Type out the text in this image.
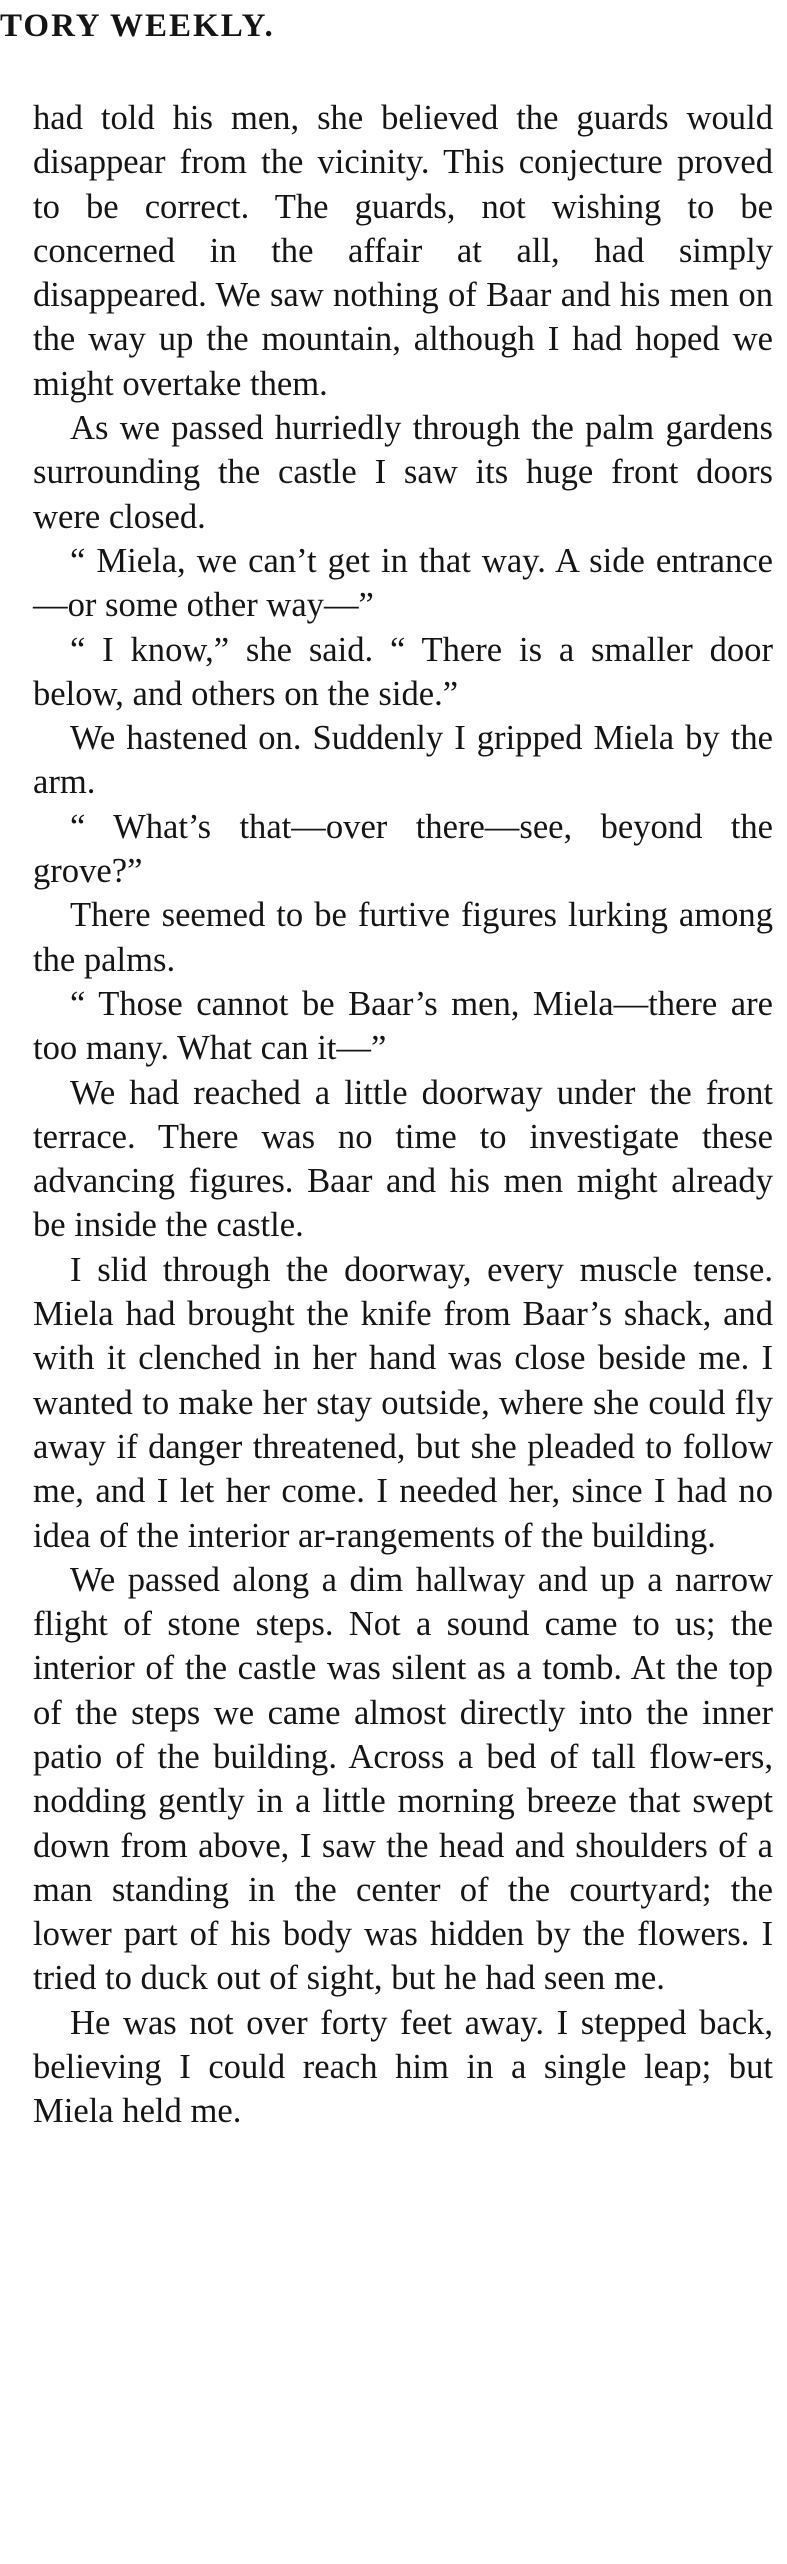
TORY WEEKLY.

had told his men, she believed the guards would disappear from the vicinity. This conjecture proved to be correct. The guards, not wishing to be concerned in the affair at all, had simply disappeared. We saw nothing of Baar and his men on the way up the mountain, although I had hoped we might overtake them.

As we passed hurriedly through the palm gardens surrounding the castle I saw its huge front doors were closed.

“ Miela, we can’t get in that way. A side entrance—or some other way—”

“ I know,” she said. “ There is a smaller door below, and others on the side.”

We hastened on. Suddenly I gripped Miela by the arm.

“ What’s that—over there—see, beyond the grove?”

There seemed to be furtive figures lurking among the palms.

“ Those cannot be Baar’s men, Miela—there are too many. What can it—”

We had reached a little doorway under the front terrace. There was no time to investigate these advancing figures. Baar and his men might already be inside the castle.

I slid through the doorway, every muscle tense. Miela had brought the knife from Baar’s shack, and with it clenched in her hand was close beside me. I wanted to make her stay outside, where she could fly away if danger threatened, but she pleaded to follow me, and I let her come. I needed her, since I had no idea of the interior ar-rangements of the building.

We passed along a dim hallway and up a narrow flight of stone steps. Not a sound came to us; the interior of the castle was silent as a tomb. At the top of the steps we came almost directly into the inner patio of the building. Across a bed of tall flow-ers, nodding gently in a little morning breeze that swept down from above, I saw the head and shoulders of a man standing in the center of the courtyard; the lower part of his body was hidden by the flowers. I tried to duck out of sight, but he had seen me.

He was not over forty feet away. I stepped back, believing I could reach him in a single leap; but Miela held me.
